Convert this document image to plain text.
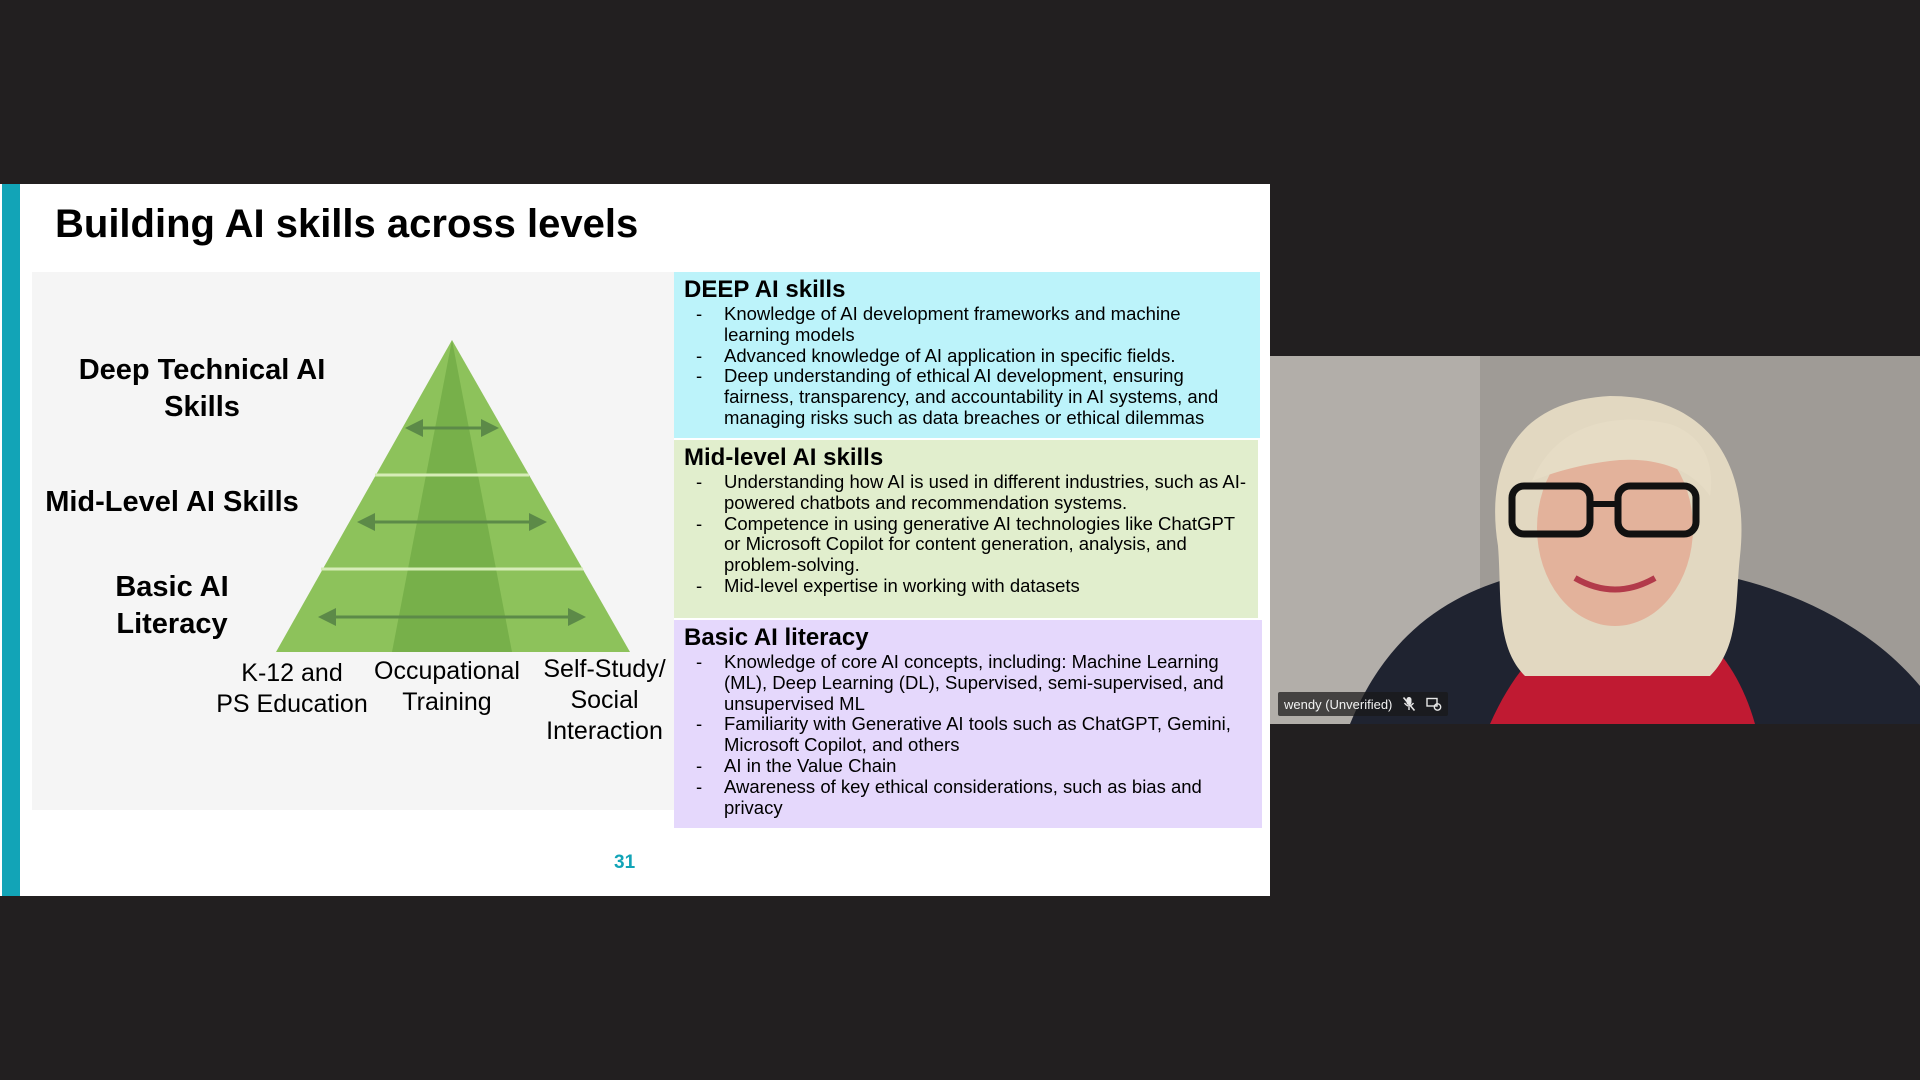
Building AI skills across levels
Deep Technical AI
Skills
Mid-Level AI Skills
Basic AI
Literacy
K-12 and
PS Education
Occupational
Training
Self-Study/
Social
Interaction
DEEP AI skills
- Knowledge of AI development frameworks and machine learning models
- Advanced knowledge of AI application in specific fields.
- Deep understanding of ethical AI development, ensuring fairness, transparency, and accountability in AI systems, and managing risks such as data breaches or ethical dilemmas
Mid-level AI skills
- Understanding how AI is used in different industries, such as AI-powered chatbots and recommendation systems.
- Competence in using generative AI technologies like ChatGPT or Microsoft Copilot for content generation, analysis, and problem-solving.
- Mid-level expertise in working with datasets
Basic AI literacy
- Knowledge of core AI concepts, including: Machine Learning (ML), Deep Learning (DL), Supervised, semi-supervised, and unsupervised ML
- Familiarity with Generative AI tools such as ChatGPT, Gemini, Microsoft Copilot, and others
- AI in the Value Chain
- Awareness of key ethical considerations, such as bias and privacy
31
wendy (Unverified)
